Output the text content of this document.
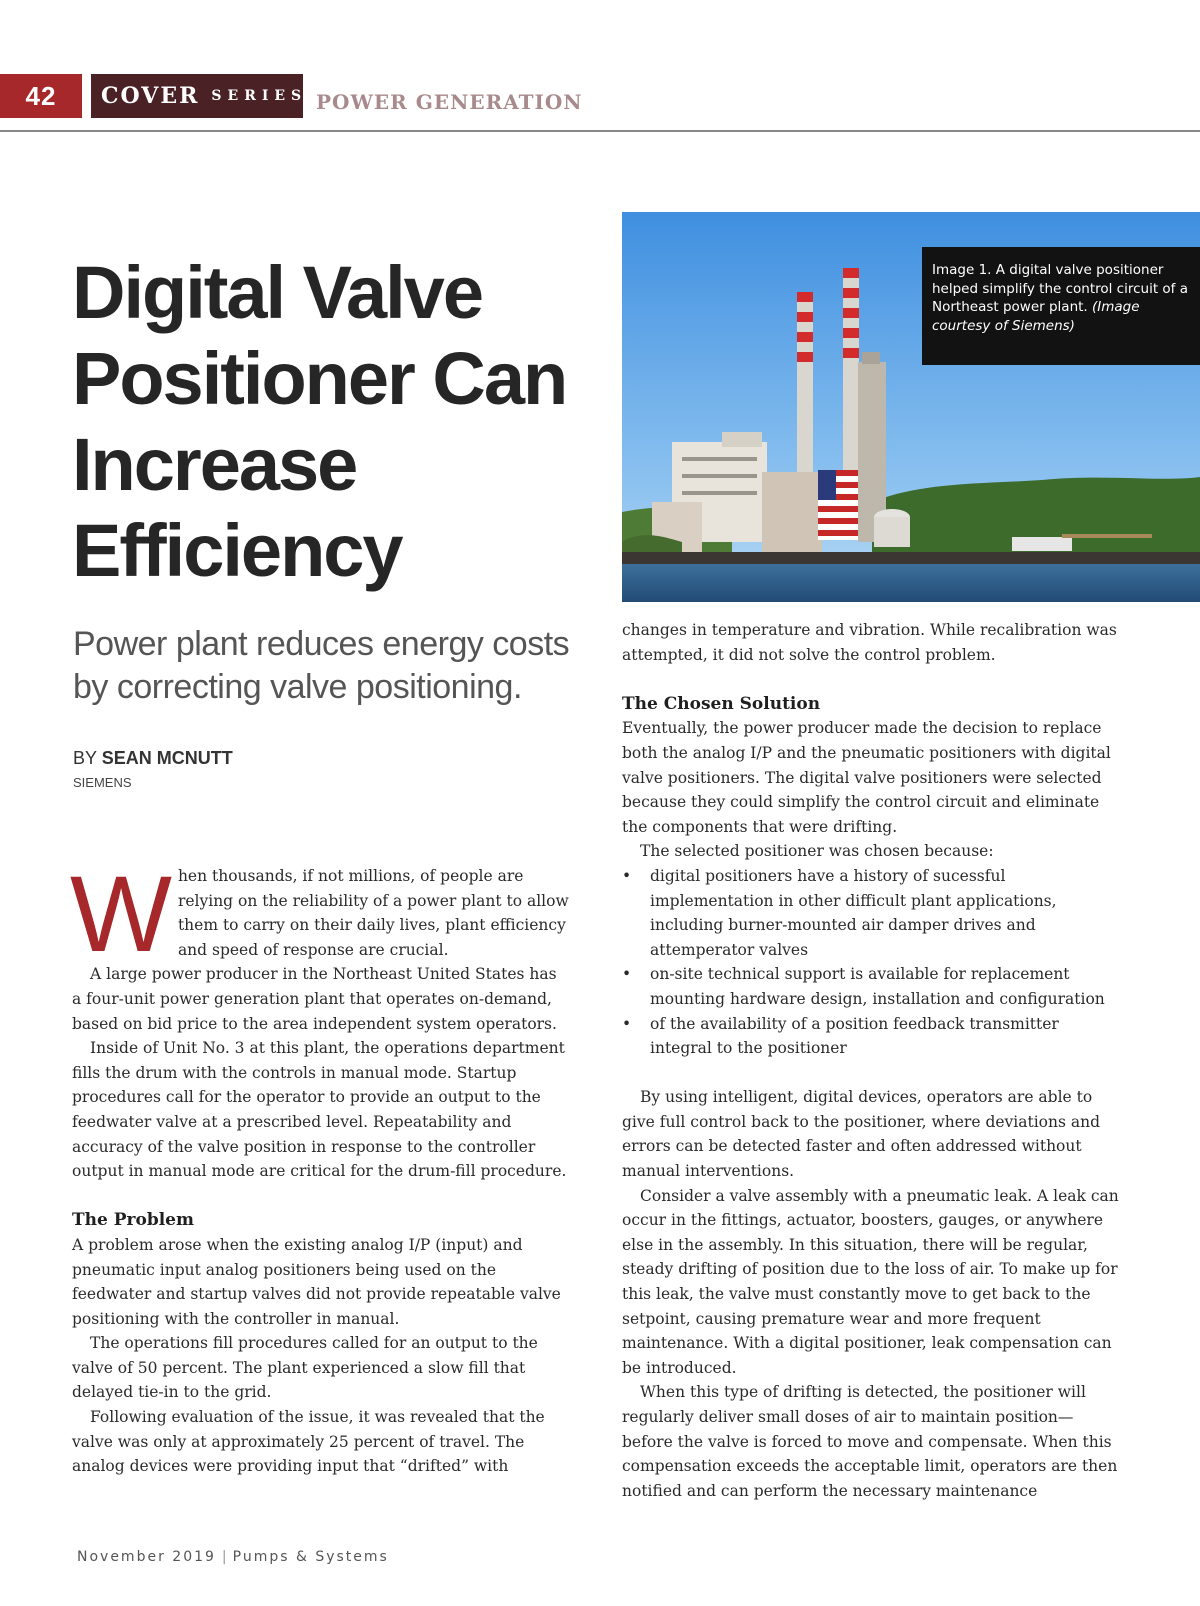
42	COVER SERIES POWER GENERATION
Digital Valve Positioner Can Increase Efficiency
Power plant reduces energy costs by correcting valve positioning.
BY SEAN MCNUTT
SIEMENS
Image 1. A digital valve positioner helped simplify the control circuit of a Northeast power plant. (Image courtesy of Siemens)

When thousands, if not millions, of people are relying on the reliability of a power plant to allow them to carry on their daily lives, plant efficiency and speed of response are crucial.

A large power producer in the Northeast United States has a four-unit power generation plant that operates on-demand, based on bid price to the area independent system operators.

Inside of Unit No. 3 at this plant, the operations department fills the drum with the controls in manual mode. Startup procedures call for the operator to provide an output to the feedwater valve at a prescribed level. Repeatability and accuracy of the valve position in response to the controller output in manual mode are critical for the drum-fill procedure.

The Problem

A problem arose when the existing analog I/P (input) and pneumatic input analog positioners being used on the feedwater and startup valves did not provide repeatable valve positioning with the controller in manual.

The operations fill procedures called for an output to the valve of 50 percent. The plant experienced a slow fill that delayed tie-in to the grid.

Following evaluation of the issue, it was revealed that the valve was only at approximately 25 percent of travel. The analog devices were providing input that “drifted” with

changes in temperature and vibration. While recalibration was attempted, it did not solve the control problem.

The Chosen Solution

Eventually, the power producer made the decision to replace both the analog I/P and the pneumatic positioners with digital valve positioners. The digital valve positioners were selected because they could simplify the control circuit and eliminate the components that were drifting.

The selected positioner was chosen because:

• digital positioners have a history of sucessful implementation in other difficult plant applications, including burner-mounted air damper drives and attemperator valves
• on-site technical support is available for replacement mounting hardware design, installation and configuration
• of the availability of a position feedback transmitter integral to the positioner

By using intelligent, digital devices, operators are able to give full control back to the positioner, where deviations and errors can be detected faster and often addressed without manual interventions.

Consider a valve assembly with a pneumatic leak. A leak can occur in the fittings, actuator, boosters, gauges, or anywhere else in the assembly. In this situation, there will be regular, steady drifting of position due to the loss of air. To make up for this leak, the valve must constantly move to get back to the setpoint, causing premature wear and more frequent maintenance. With a digital positioner, leak compensation can be introduced.

When this type of drifting is detected, the positioner will regularly deliver small doses of air to maintain position—before the valve is forced to move and compensate. When this compensation exceeds the acceptable limit, operators are then notified and can perform the necessary maintenance

November 2019 | Pumps & Systems
